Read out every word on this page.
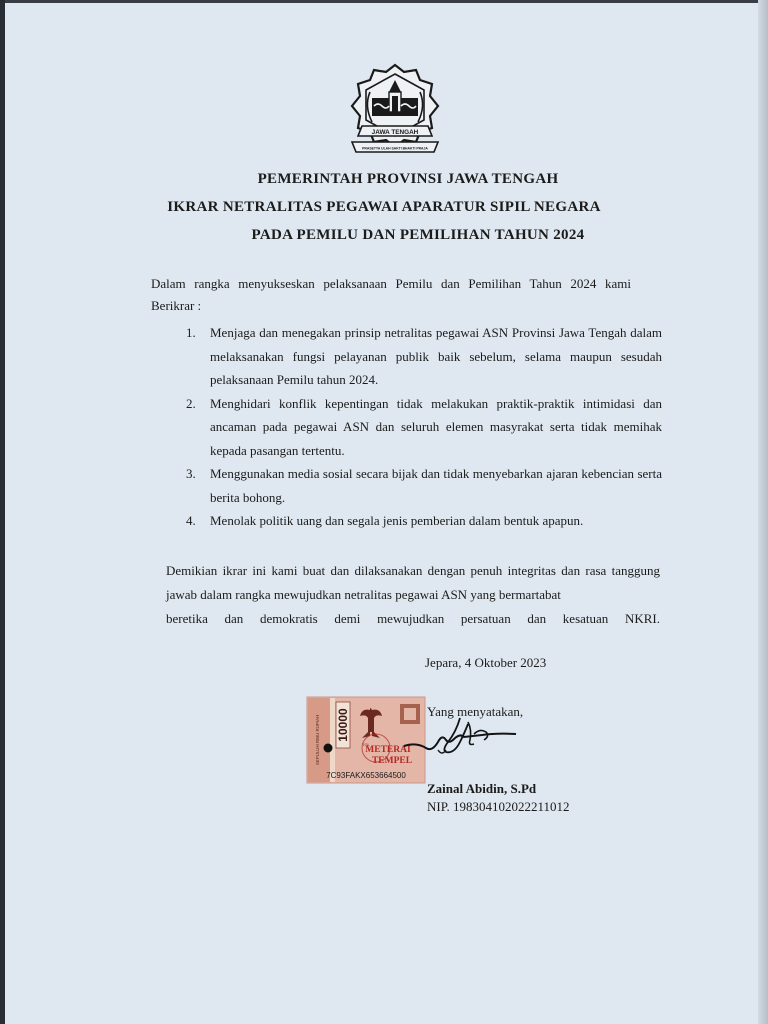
JAWA TENGAH
PRASETYA ULAH SAKTI BHAKTI PRAJA
PEMERINTAH PROVINSI JAWA TENGAH
IKRAR NETRALITAS PEGAWAI APARATUR SIPIL NEGARA
PADA PEMILU DAN PEMILIHAN TAHUN 2024
Dalam rangka menyukseskan pelaksanaan Pemilu dan Pemilihan Tahun 2024 kami
Berikrar :
1. Menjaga dan menegakan prinsip netralitas pegawai ASN Provinsi Jawa Tengah dalam melaksanakan fungsi pelayanan publik baik sebelum, selama maupun sesudah pelaksanaan Pemilu tahun 2024.
2. Menghidari konflik kepentingan tidak melakukan praktik-praktik intimidasi dan ancaman pada pegawai ASN dan seluruh elemen masyrakat serta tidak memihak kepada pasangan tertentu.
3. Menggunakan media sosial secara bijak dan tidak menyebarkan ajaran kebencian serta berita bohong.
4. Menolak politik uang dan segala jenis pemberian dalam bentuk apapun.
Demikian ikrar ini kami buat dan dilaksanakan dengan penuh integritas dan rasa tanggung jawab dalam rangka mewujudkan netralitas pegawai ASN yang bermartabat
beretika dan demokratis demi mewujudkan persatuan dan kesatuan NKRI.
Jepara, 4 Oktober 2023
SEPULUH RIBU RUPIAH 10000
TGL
METERAI
TEMPEL
7C93FAKX653664500
Yang menyatakan,
Zainal Abidin, S.Pd
NIP. 198304102022211012
